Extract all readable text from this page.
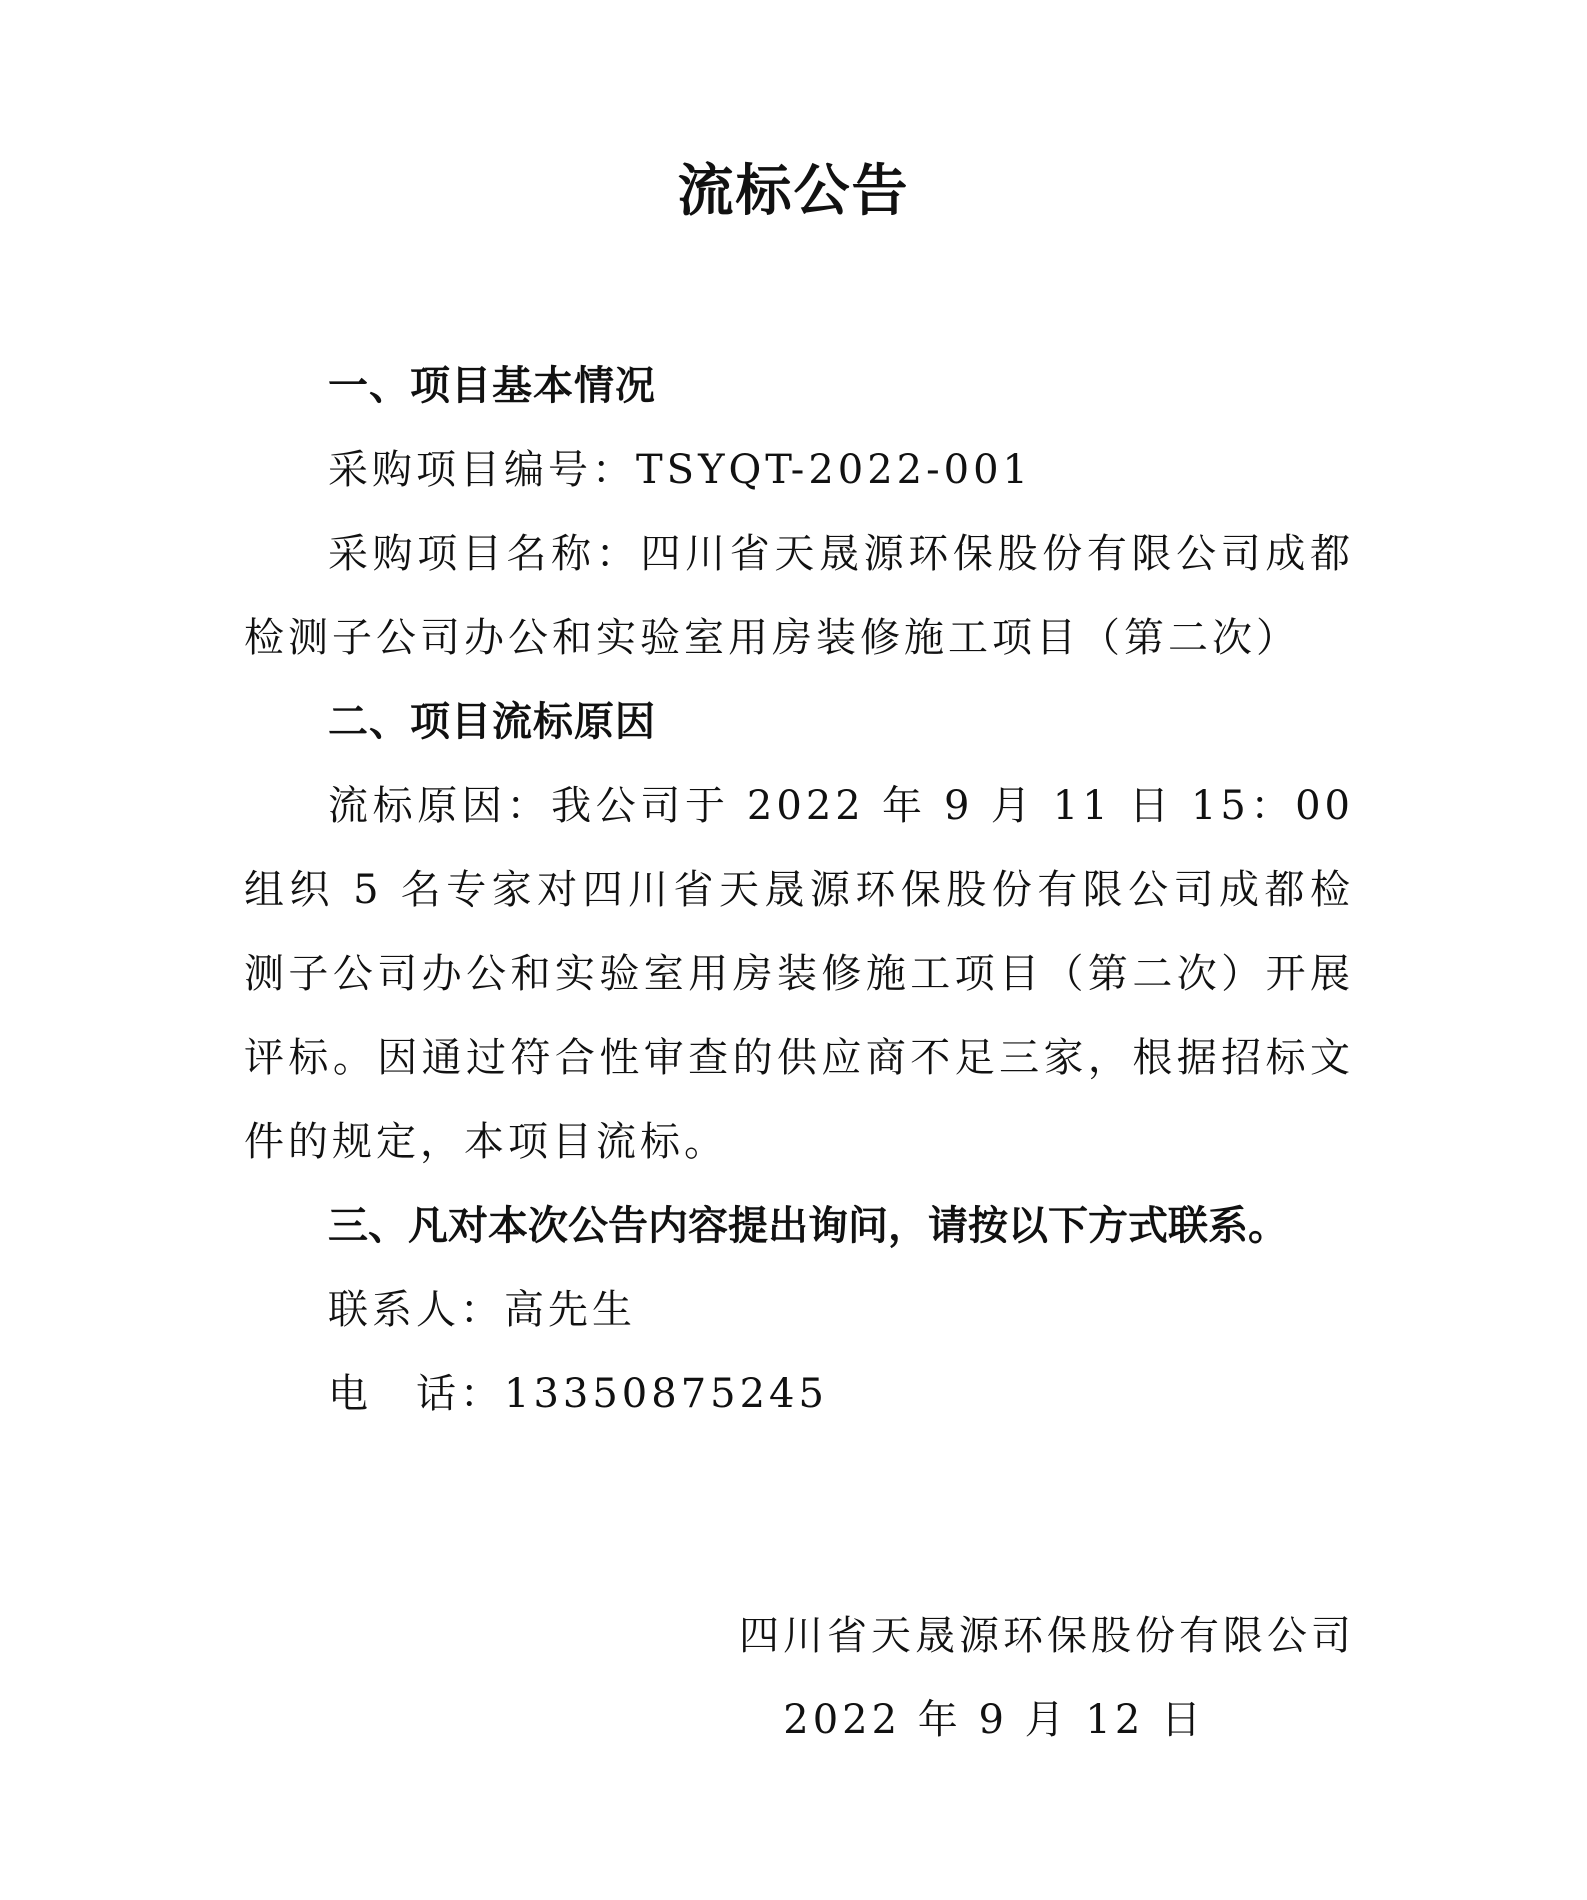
流标公告

一、项目基本情况

采购项目编号：TSYQT-2022-001

采购项目名称：四川省天晟源环保股份有限公司成都检测子公司办公和实验室用房装修施工项目（第二次）

二、项目流标原因

流标原因：我公司于 2022 年 9 月 11 日 15：00 组织 5 名专家对四川省天晟源环保股份有限公司成都检测子公司办公和实验室用房装修施工项目（第二次）开展评标。因通过符合性审查的供应商不足三家，根据招标文件的规定，本项目流标。

三、凡对本次公告内容提出询问，请按以下方式联系。

联系人：高先生

电　话：13350875245

四川省天晟源环保股份有限公司
2022 年 9 月 12 日
